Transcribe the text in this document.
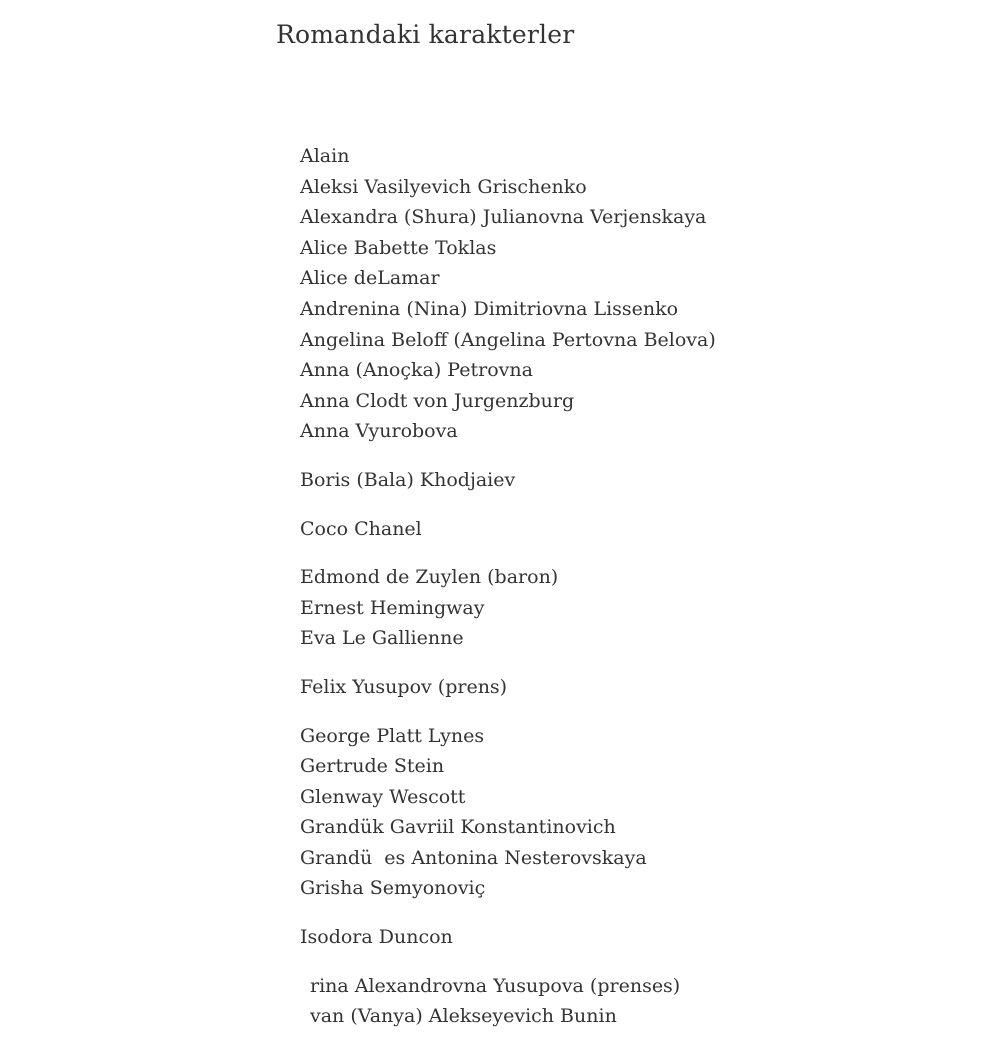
Romandaki karakterler
Alain
Aleksi Vasilyevich Grischenko
Alexandra (Shura) Julianovna Verjenskaya
Alice Babette Toklas
Alice deLamar
Andrenina (Nina) Dimitriovna Lissenko
Angelina Beloff (Angelina Pertovna Belova)
Anna (Anoçka) Petrovna
Anna Clodt von Jurgenzburg
Anna Vyurobova
Boris (Bala) Khodjaiev
Coco Chanel
Edmond de Zuylen (baron)
Ernest Hemingway
Eva Le Gallienne
Felix Yusupov (prens)
George Platt Lynes
Gertrude Stein
Glenway Wescott
Grandük Gavriil Konstantinovich
Grandü  es Antonina Nesterovskaya
Grisha Semyonoviç
Isodora Duncon
rina Alexandrovna Yusupova (prenses)
van (Vanya) Alekseyevich Bunin
